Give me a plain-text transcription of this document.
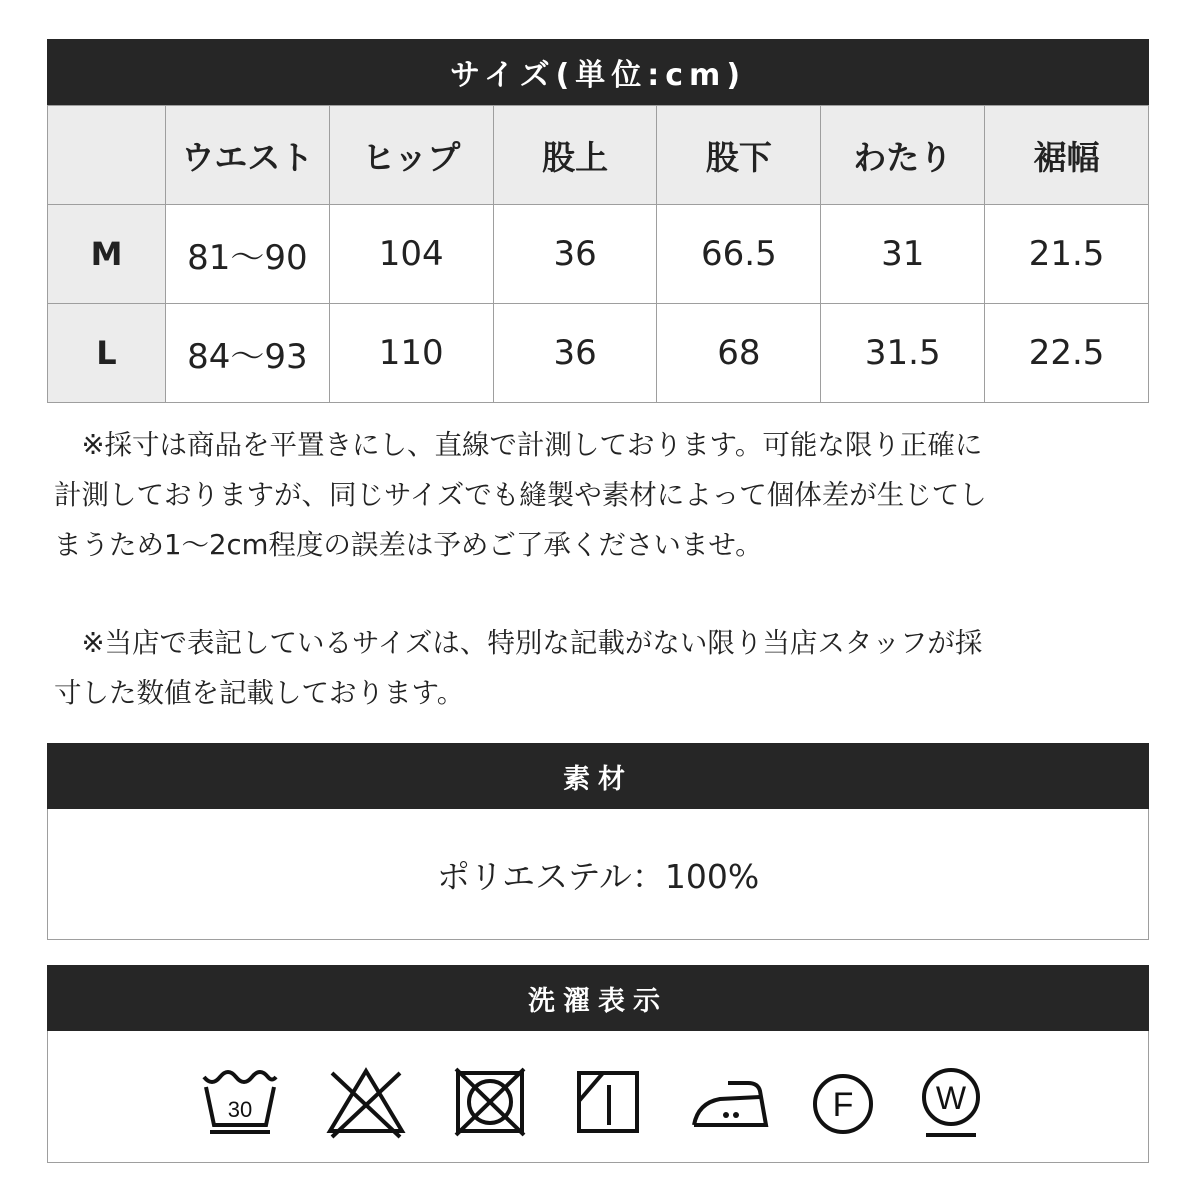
サイズ(単位:cm)
	ウエスト	ヒップ	股上	股下	わたり	裾幅
M	81〜90	104	36	66.5	31	21.5
L	84〜93	110	36	68	31.5	22.5
　※採寸は商品を平置きにし、直線で計測しております。可能な限り正確に
計測しておりますが、同じサイズでも縫製や素材によって個体差が生じてし
まうため1〜2cm程度の誤差は予めご了承くださいませ。
　※当店で表記しているサイズは、特別な記載がない限り当店スタッフが採
寸した数値を記載しております。
素材
ポリエステル：100%
洗濯表示
30	F	W
